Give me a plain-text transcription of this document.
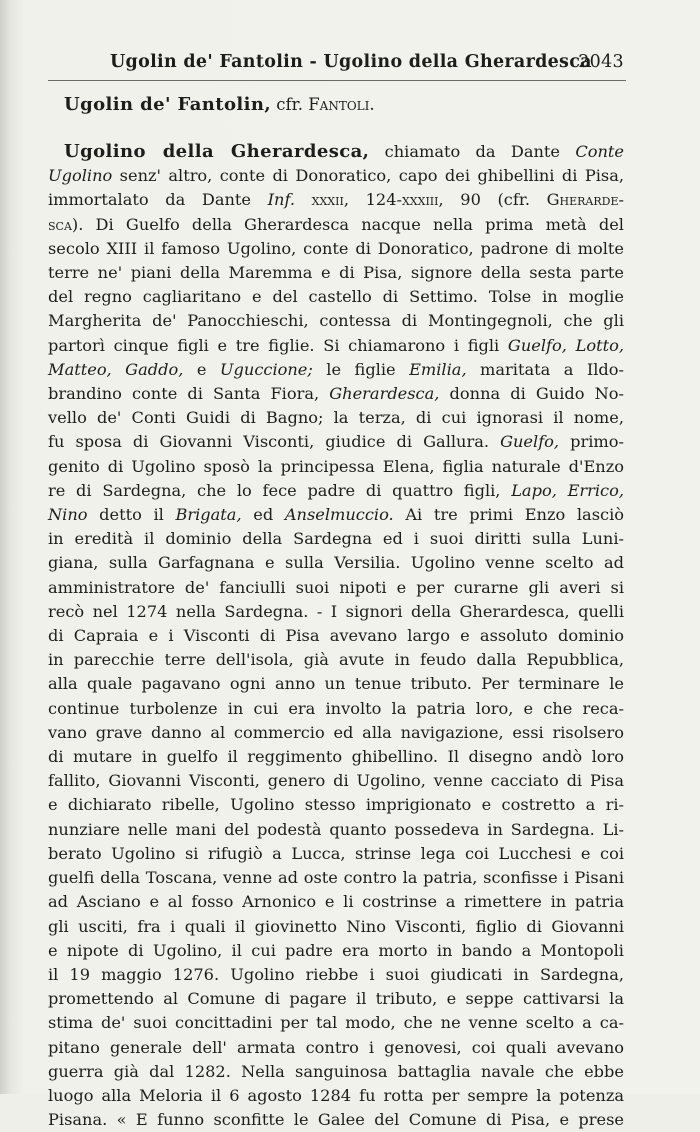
Ugolin de' Fantolin - Ugolino della Gherardesca
2043
Ugolin de' Fantolin, cfr. Fantoli.
Ugolino della Gherardesca, chiamato da Dante Conte
Ugolino senz' altro, conte di Donoratico, capo dei ghibellini di Pisa,
immortalato da Dante Inf. xxxii, 124-xxxiii, 90 (cfr. Gherarde-
sca). Di Guelfo della Gherardesca nacque nella prima metà del
secolo XIII il famoso Ugolino, conte di Donoratico, padrone di molte
terre ne' piani della Maremma e di Pisa, signore della sesta parte
del regno cagliaritano e del castello di Settimo. Tolse in moglie
Margherita de' Panocchieschi, contessa di Montingegnoli, che gli
partorì cinque figli e tre figlie. Si chiamarono i figli Guelfo, Lotto,
Matteo, Gaddo, e Uguccione; le figlie Emilia, maritata a Ildo-
brandino conte di Santa Fiora, Gherardesca, donna di Guido No-
vello de' Conti Guidi di Bagno; la terza, di cui ignorasi il nome,
fu sposa di Giovanni Visconti, giudice di Gallura. Guelfo, primo-
genito di Ugolino sposò la principessa Elena, figlia naturale d'Enzo
re di Sardegna, che lo fece padre di quattro figli, Lapo, Errico,
Nino detto il Brigata, ed Anselmuccio. Ai tre primi Enzo lasciò
in eredità il dominio della Sardegna ed i suoi diritti sulla Luni-
giana, sulla Garfagnana e sulla Versilia. Ugolino venne scelto ad
amministratore de' fanciulli suoi nipoti e per curarne gli averi si
recò nel 1274 nella Sardegna. - I signori della Gherardesca, quelli
di Capraia e i Visconti di Pisa avevano largo e assoluto dominio
in parecchie terre dell'isola, già avute in feudo dalla Repubblica,
alla quale pagavano ogni anno un tenue tributo. Per terminare le
continue turbolenze in cui era involto la patria loro, e che reca-
vano grave danno al commercio ed alla navigazione, essi risolsero
di mutare in guelfo il reggimento ghibellino. Il disegno andò loro
fallito, Giovanni Visconti, genero di Ugolino, venne cacciato di Pisa
e dichiarato ribelle, Ugolino stesso imprigionato e costretto a ri-
nunziare nelle mani del podestà quanto possedeva in Sardegna. Li-
berato Ugolino si rifugiò a Lucca, strinse lega coi Lucchesi e coi
guelfi della Toscana, venne ad oste contro la patria, sconfisse i Pisani
ad Asciano e al fosso Arnonico e li costrinse a rimettere in patria
gli usciti, fra i quali il giovinetto Nino Visconti, figlio di Giovanni
e nipote di Ugolino, il cui padre era morto in bando a Montopoli
il 19 maggio 1276. Ugolino riebbe i suoi giudicati in Sardegna,
promettendo al Comune di pagare il tributo, e seppe cattivarsi la
stima de' suoi concittadini per tal modo, che ne venne scelto a ca-
pitano generale dell' armata contro i genovesi, coi quali avevano
guerra già dal 1282. Nella sanguinosa battaglia navale che ebbe
luogo alla Meloria il 6 agosto 1284 fu rotta per sempre la potenza
Pisana. « E funno sconfitte le Galee del Comune di Pisa, e prese
